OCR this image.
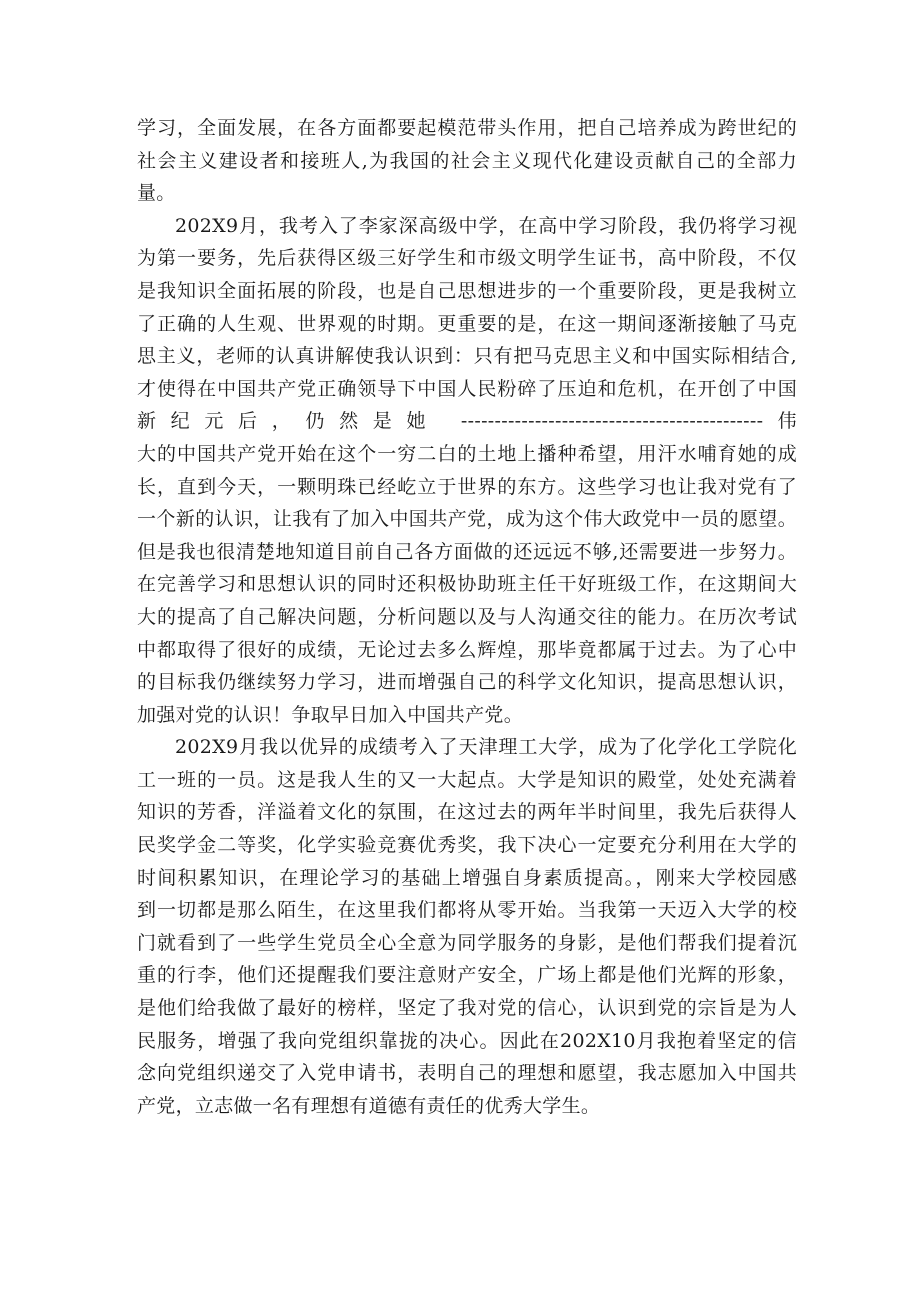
学习，全面发展，在各方面都要起模范带头作用，把自己培养成为跨世纪的
社会主义建设者和接班人,为我国的社会主义现代化建设贡献自己的全部力
量。
202X9月，我考入了李家深高级中学，在高中学习阶段，我仍将学习视
为第一要务，先后获得区级三好学生和市级文明学生证书，高中阶段，不仅
是我知识全面拓展的阶段，也是自己思想进步的一个重要阶段，更是我树立
了正确的人生观、世界观的时期。更重要的是，在这一期间逐渐接触了马克
思主义，老师的认真讲解使我认识到：只有把马克思主义和中国实际相结合,
才使得在中国共产党正确领导下中国人民粉碎了压迫和危机，在开创了中国
新纪元后，仍然是她 ---------------------------------------------伟
大的中国共产党开始在这个一穷二白的土地上播种希望，用汗水哺育她的成
长，直到今天，一颗明珠已经屹立于世界的东方。这些学习也让我对党有了
一个新的认识，让我有了加入中国共产党，成为这个伟大政党中一员的愿望。
但是我也很清楚地知道目前自己各方面做的还远远不够,还需要进一步努力。
在完善学习和思想认识的同时还积极协助班主任干好班级工作，在这期间大
大的提高了自己解决问题，分析问题以及与人沟通交往的能力。在历次考试
中都取得了很好的成绩，无论过去多么辉煌，那毕竟都属于过去。为了心中
的目标我仍继续努力学习，进而增强自己的科学文化知识，提高思想认识，
加强对党的认识！争取早日加入中国共产党。
202X9月我以优异的成绩考入了天津理工大学，成为了化学化工学院化
工一班的一员。这是我人生的又一大起点。大学是知识的殿堂，处处充满着
知识的芳香，洋溢着文化的氛围，在这过去的两年半时间里，我先后获得人
民奖学金二等奖，化学实验竞赛优秀奖，我下决心一定要充分利用在大学的
时间积累知识，在理论学习的基础上增强自身素质提高。，刚来大学校园感
到一切都是那么陌生，在这里我们都将从零开始。当我第一天迈入大学的校
门就看到了一些学生党员全心全意为同学服务的身影，是他们帮我们提着沉
重的行李，他们还提醒我们要注意财产安全，广场上都是他们光辉的形象，
是他们给我做了最好的榜样，坚定了我对党的信心，认识到党的宗旨是为人
民服务，增强了我向党组织靠拢的决心。因此在202X10月我抱着坚定的信
念向党组织递交了入党申请书，表明自己的理想和愿望，我志愿加入中国共
产党，立志做一名有理想有道德有责任的优秀大学生。
